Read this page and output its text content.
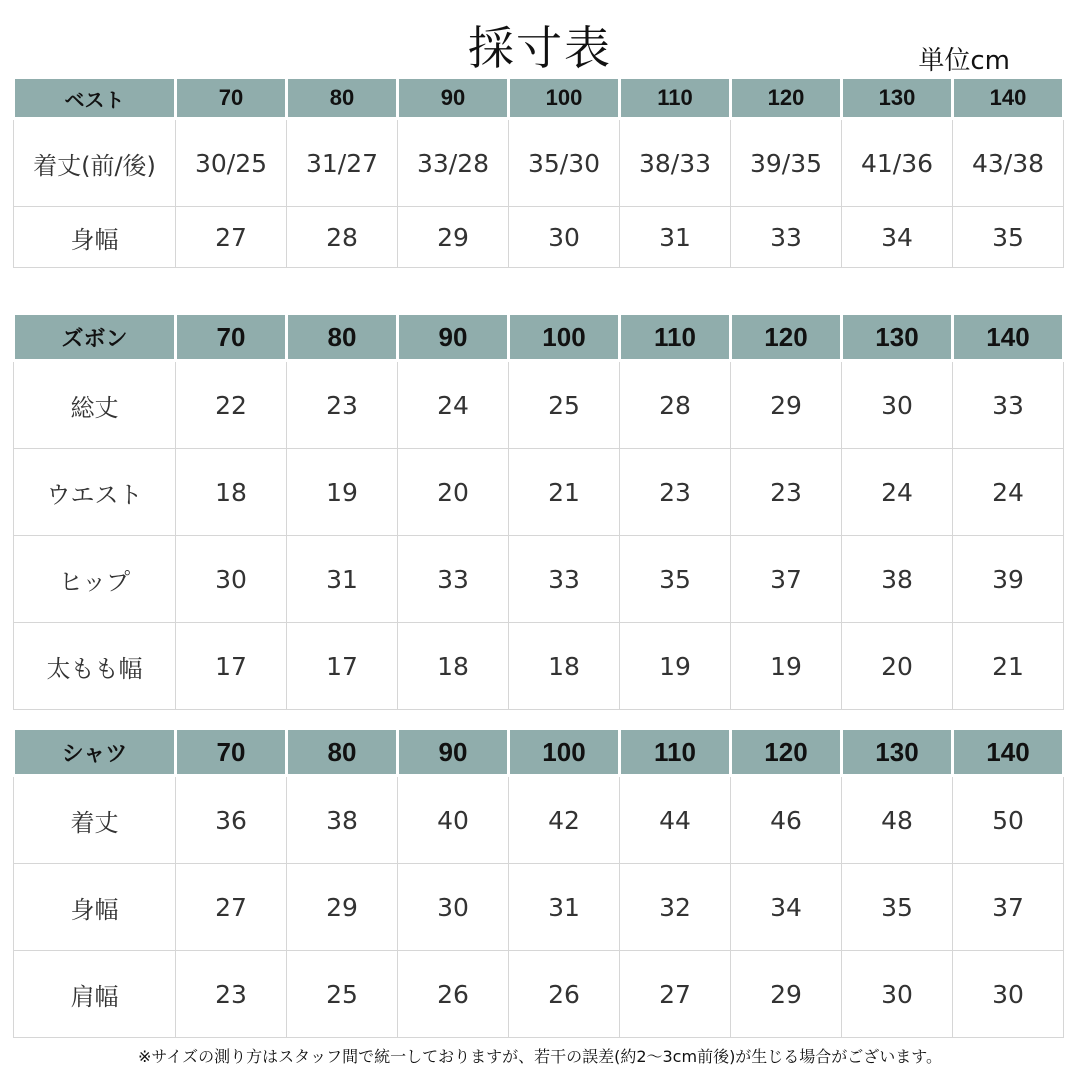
採寸表	単位cm
ベスト	70	80	90	100	110	120	130	140
着丈(前/後)	30/25	31/27	33/28	35/30	38/33	39/35	41/36	43/38
身幅	27	28	29	30	31	33	34	35
ズボン	70	80	90	100	110	120	130	140
総丈	22	23	24	25	28	29	30	33
ウエスト	18	19	20	21	23	23	24	24
ヒップ	30	31	33	33	35	37	38	39
太もも幅	17	17	18	18	19	19	20	21
シャツ	70	80	90	100	110	120	130	140
着丈	36	38	40	42	44	46	48	50
身幅	27	29	30	31	32	34	35	37
肩幅	23	25	26	26	27	29	30	30
※サイズの測り方はスタッフ間で統一しておりますが、若干の誤差(約2〜3cm前後)が生じる場合がございます。
